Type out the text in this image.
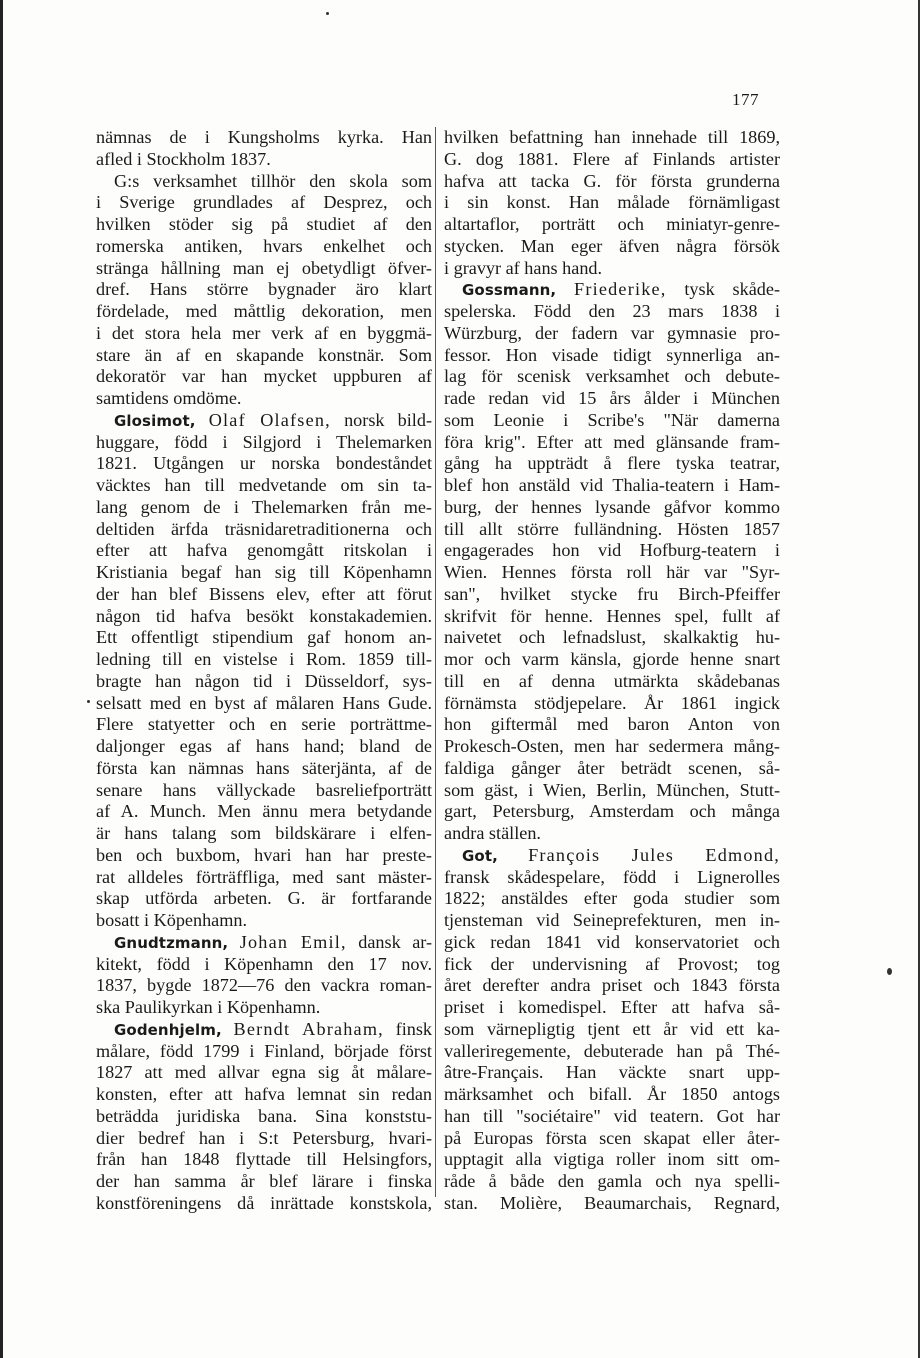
177
nämnas de i Kungsholms kyrka. Han
afled i Stockholm 1837.
G:s verksamhet tillhör den skola som
i Sverige grundlades af Desprez, och
hvilken stöder sig på studiet af den
romerska antiken, hvars enkelhet och
stränga hållning man ej obetydligt öfver-
dref. Hans större bygnader äro klart
fördelade, med måttlig dekoration, men
i det stora hela mer verk af en byggmä-
stare än af en skapande konstnär. Som
dekoratör var han mycket uppburen af
samtidens omdöme.
Glosimot, Olaf Olafsen, norsk bild-
huggare, född i Silgjord i Thelemarken
1821. Utgången ur norska bondeståndet
väcktes han till medvetande om sin ta-
lang genom de i Thelemarken från me-
deltiden ärfda träsnidaretraditionerna och
efter att hafva genomgått ritskolan i
Kristiania begaf han sig till Köpenhamn
der han blef Bissens elev, efter att förut
någon tid hafva besökt konstakademien.
Ett offentligt stipendium gaf honom an-
ledning till en vistelse i Rom. 1859 till-
bragte han någon tid i Düsseldorf, sys-
selsatt med en byst af målaren Hans Gude.
Flere statyetter och en serie porträttme-
daljonger egas af hans hand; bland de
första kan nämnas hans säterjänta, af de
senare hans vällyckade basreliefporträtt
af A. Munch. Men ännu mera betydande
är hans talang som bildskärare i elfen-
ben och buxbom, hvari han har preste-
rat alldeles förträffliga, med sant mäster-
skap utförda arbeten. G. är fortfarande
bosatt i Köpenhamn.
Gnudtzmann, Johan Emil, dansk ar-
kitekt, född i Köpenhamn den 17 nov.
1837, bygde 1872—76 den vackra roman-
ska Paulikyrkan i Köpenhamn.
Godenhjelm, Berndt Abraham, finsk
målare, född 1799 i Finland, började först
1827 att med allvar egna sig åt målare-
konsten, efter att hafva lemnat sin redan
beträdda juridiska bana. Sina konststu-
dier bedref han i S:t Petersburg, hvari-
från han 1848 flyttade till Helsingfors,
der han samma år blef lärare i finska
konstföreningens då inrättade konstskola,
hvilken befattning han innehade till 1869,
G. dog 1881. Flere af Finlands artister
hafva att tacka G. för första grunderna
i sin konst. Han målade förnämligast
altartaflor, porträtt och miniatyr-genre-
stycken. Man eger äfven några försök
i gravyr af hans hand.
Gossmann, Friederike, tysk skåde-
spelerska. Född den 23 mars 1838 i
Würzburg, der fadern var gymnasie pro-
fessor. Hon visade tidigt synnerliga an-
lag för scenisk verksamhet och debute-
rade redan vid 15 års ålder i München
som Leonie i Scribe's "När damerna
föra krig". Efter att med glänsande fram-
gång ha uppträdt å flere tyska teatrar,
blef hon anstäld vid Thalia-teatern i Ham-
burg, der hennes lysande gåfvor kommo
till allt större fulländning. Hösten 1857
engagerades hon vid Hofburg-teatern i
Wien. Hennes första roll här var "Syr-
san", hvilket stycke fru Birch-Pfeiffer
skrifvit för henne. Hennes spel, fullt af
naivetet och lefnadslust, skalkaktig hu-
mor och varm känsla, gjorde henne snart
till en af denna utmärkta skådebanas
förnämsta stödjepelare. År 1861 ingick
hon giftermål med baron Anton von
Prokesch-Osten, men har sedermera mång-
faldiga gånger åter beträdt scenen, så-
som gäst, i Wien, Berlin, München, Stutt-
gart, Petersburg, Amsterdam och många
andra ställen.
Got, François Jules Edmond,
fransk skådespelare, född i Lignerolles
1822; anstäldes efter goda studier som
tjensteman vid Seineprefekturen, men in-
gick redan 1841 vid konservatoriet och
fick der undervisning af Provost; tog
året derefter andra priset och 1843 första
priset i komedispel. Efter att hafva så-
som värnepligtig tjent ett år vid ett ka-
valleriregemente, debuterade han på Thé-
âtre-Français. Han väckte snart upp-
märksamhet och bifall. År 1850 antogs
han till "sociétaire" vid teatern. Got har
på Europas första scen skapat eller åter-
upptagit alla vigtiga roller inom sitt om-
råde å både den gamla och nya spelli-
stan. Molière, Beaumarchais, Regnard,
